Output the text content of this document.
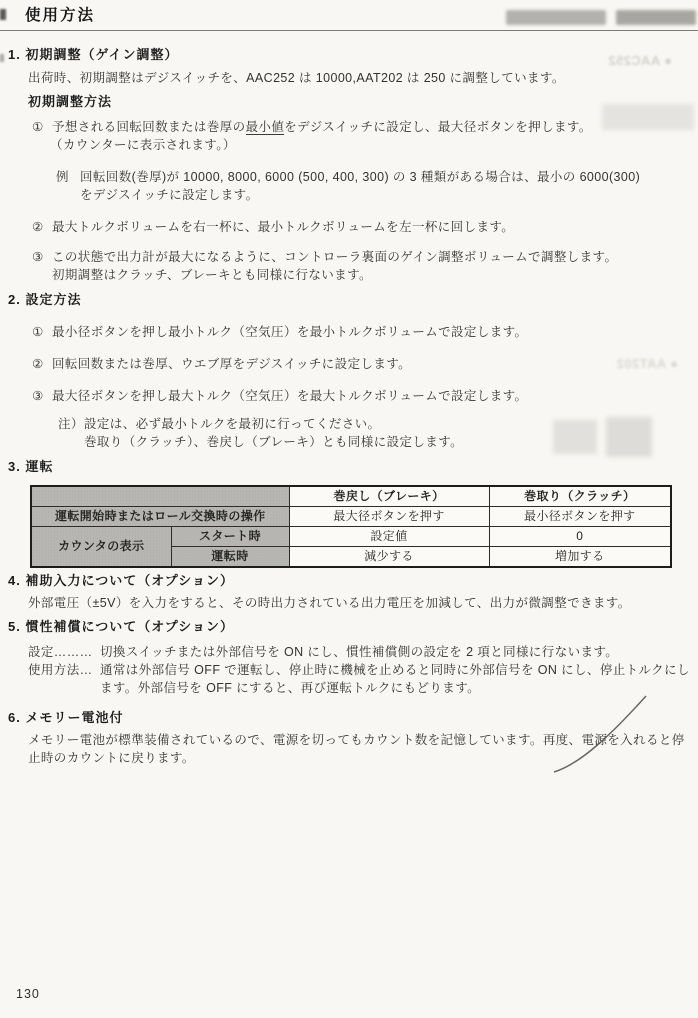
● AAC252
● AAT202
使用方法
1. 初期調整（ゲイン調整）
出荷時、初期調整はデジスイッチを、AAC252 は 10000,AAT202 は 250 に調整しています。
初期調整方法
① 予想される回転回数または巻厚の最小値をデジスイッチに設定し、最大径ボタンを押します。
（カウンターに表示されます。）
例 回転回数(巻厚)が 10000, 8000, 6000 (500, 400, 300) の 3 種類がある場合は、最小の 6000(300)
をデジスイッチに設定します。
② 最大トルクボリュームを右一杯に、最小トルクボリュームを左一杯に回します。
③ この状態で出力計が最大になるように、コントローラ裏面のゲイン調整ボリュームで調整します。
初期調整はクラッチ、ブレーキとも同様に行ないます。
2. 設定方法
① 最小径ボタンを押し最小トルク（空気圧）を最小トルクボリュームで設定します。
② 回転回数または巻厚、ウエブ厚をデジスイッチに設定します。
③ 最大径ボタンを押し最大トルク（空気圧）を最大トルクボリュームで設定します。
注） 設定は、必ず最小トルクを最初に行ってください。
巻取り（クラッチ）、巻戻し（ブレーキ）とも同様に設定します。
3. 運転
		巻戻し（ブレーキ）	巻取り（クラッチ）
運転開始時またはロール交換時の操作		最大径ボタンを押す	最小径ボタンを押す
カウンタの表示	スタート時	設定値	0
	運転時	減少する	増加する
4. 補助入力について（オプション）
外部電圧（±5V）を入力をすると、その時出力されている出力電圧を加減して、出力が微調整できます。
5. 慣性補償について（オプション）
設定……… 切換スイッチまたは外部信号を ON にし、慣性補償側の設定を 2 項と同様に行ないます。
使用方法… 通常は外部信号 OFF で運転し、停止時に機械を止めると同時に外部信号を ON にし、停止トルクにします。外部信号を OFF にすると、再び運転トルクにもどります。
6. メモリー電池付
メモリー電池が標準装備されているので、電源を切ってもカウント数を記憶しています。再度、電源を入れると停止時のカウントに戻ります。
130
